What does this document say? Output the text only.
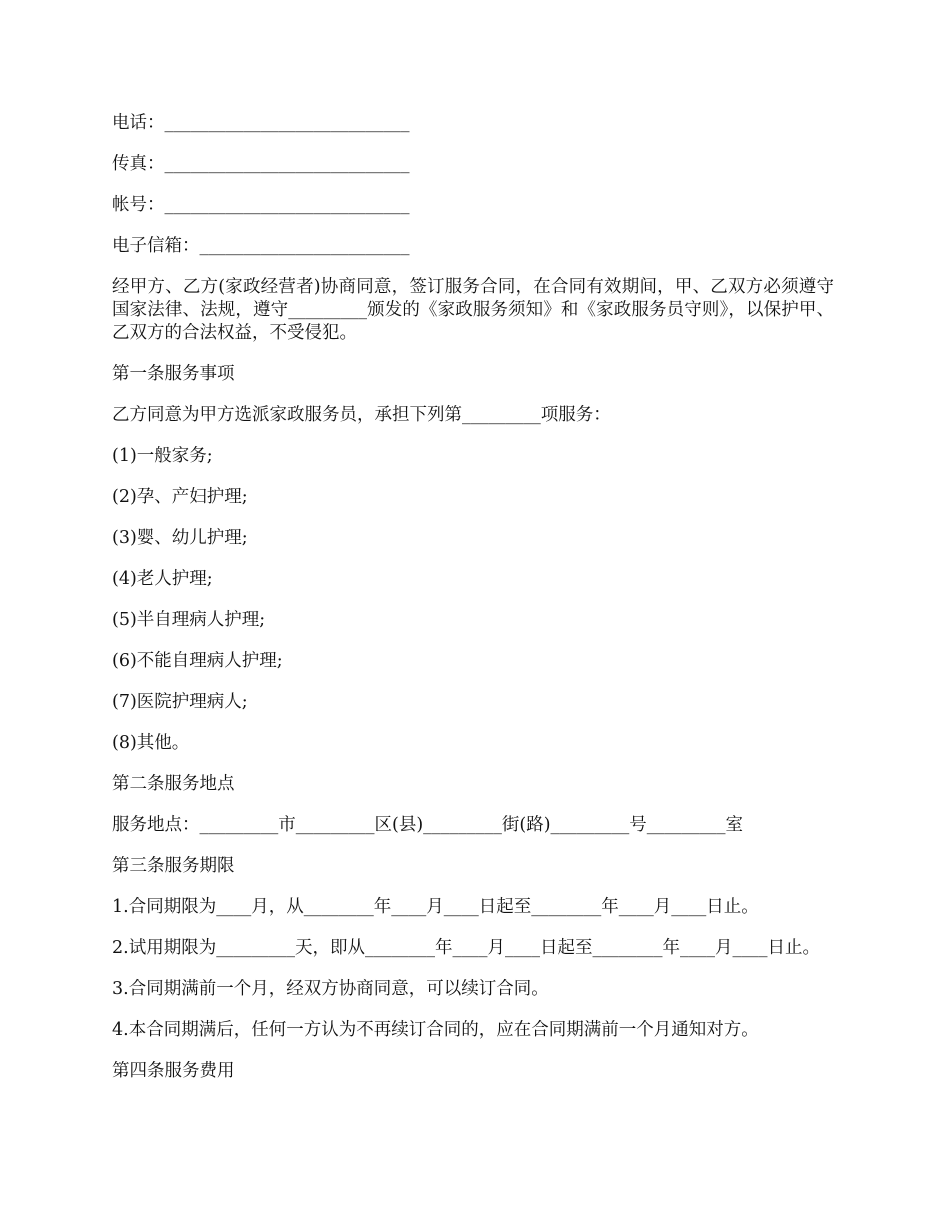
电话：____________________________

传真：____________________________

帐号：____________________________

电子信箱：________________________

经甲方、乙方(家政经营者)协商同意，签订服务合同，在合同有效期间，甲、乙双方必须遵守国家法律、法规，遵守_________颁发的《家政服务须知》和《家政服务员守则》，以保护甲、乙双方的合法权益，不受侵犯。

第一条服务事项

乙方同意为甲方选派家政服务员，承担下列第_________项服务：

(1)一般家务;

(2)孕、产妇护理;

(3)婴、幼儿护理;

(4)老人护理;

(5)半自理病人护理;

(6)不能自理病人护理;

(7)医院护理病人;

(8)其他。

第二条服务地点

服务地点：_________市_________区(县)_________街(路)_________号_________室

第三条服务期限

1.合同期限为____月，从________年____月____日起至________年____月____日止。

2.试用期限为_________天，即从________年____月____日起至________年____月____日止。

3.合同期满前一个月，经双方协商同意，可以续订合同。

4.本合同期满后，任何一方认为不再续订合同的，应在合同期满前一个月通知对方。

第四条服务费用
